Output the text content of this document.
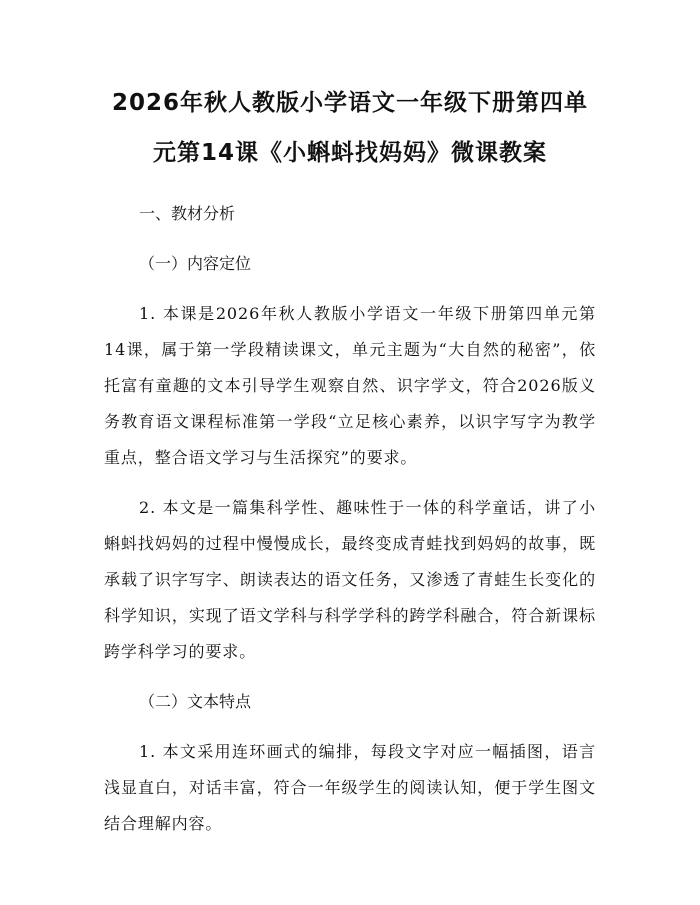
2026年秋人教版小学语文一年级下册第四单
元第14课《小蝌蚪找妈妈》微课教案

一、教材分析

（一）内容定位

1. 本课是2026年秋人教版小学语文一年级下册第四单元第14课，属于第一学段精读课文，单元主题为“大自然的秘密”，依托富有童趣的文本引导学生观察自然、识字学文，符合2026版义务教育语文课程标准第一学段“立足核心素养，以识字写字为教学重点，整合语文学习与生活探究”的要求。

2. 本文是一篇集科学性、趣味性于一体的科学童话，讲了小蝌蚪找妈妈的过程中慢慢成长，最终变成青蛙找到妈妈的故事，既承载了识字写字、朗读表达的语文任务，又渗透了青蛙生长变化的科学知识，实现了语文学科与科学学科的跨学科融合，符合新课标跨学科学习的要求。

（二）文本特点

1. 本文采用连环画式的编排，每段文字对应一幅插图，语言浅显直白，对话丰富，符合一年级学生的阅读认知，便于学生图文结合理解内容。
